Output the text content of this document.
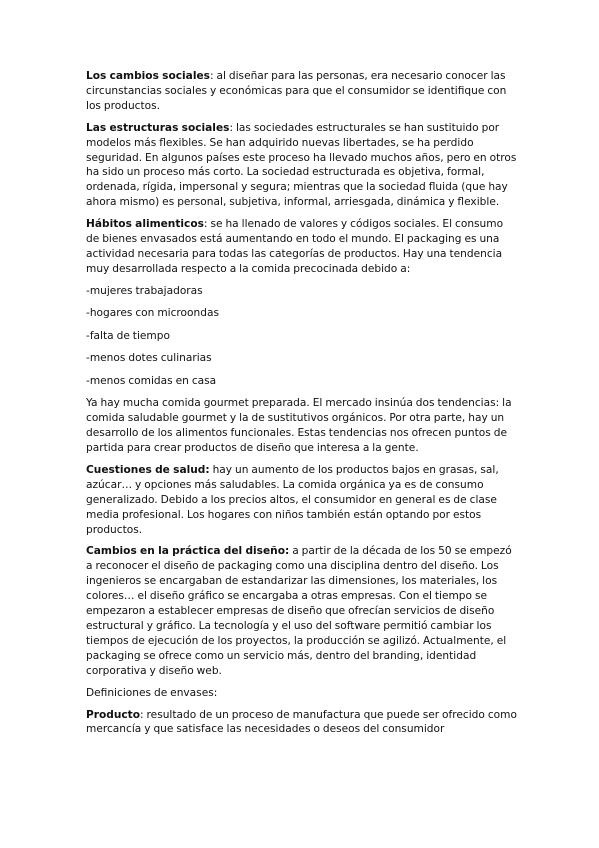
Los cambios sociales: al diseñar para las personas, era necesario conocer las circunstancias sociales y económicas para que el consumidor se identifique con los productos.

Las estructuras sociales: las sociedades estructurales se han sustituido por modelos más flexibles. Se han adquirido nuevas libertades, se ha perdido seguridad. En algunos países este proceso ha llevado muchos años, pero en otros ha sido un proceso más corto. La sociedad estructurada es objetiva, formal, ordenada, rígida, impersonal y segura; mientras que la sociedad fluida (que hay ahora mismo) es personal, subjetiva, informal, arriesgada, dinámica y flexible.

Hábitos alimenticos: se ha llenado de valores y códigos sociales. El consumo de bienes envasados está aumentando en todo el mundo. El packaging es una actividad necesaria para todas las categorías de productos. Hay una tendencia muy desarrollada respecto a la comida precocinada debido a:

-mujeres trabajadoras

-hogares con microondas

-falta de tiempo

-menos dotes culinarias

-menos comidas en casa

Ya hay mucha comida gourmet preparada. El mercado insinúa dos tendencias: la comida saludable gourmet y la de sustitutivos orgánicos. Por otra parte, hay un desarrollo de los alimentos funcionales. Estas tendencias nos ofrecen puntos de partida para crear productos de diseño que interesa a la gente.

Cuestiones de salud: hay un aumento de los productos bajos en grasas, sal, azúcar… y opciones más saludables. La comida orgánica ya es de consumo generalizado. Debido a los precios altos, el consumidor en general es de clase media profesional. Los hogares con niños también están optando por estos productos.

Cambios en la práctica del diseño: a partir de la década de los 50 se empezó a reconocer el diseño de packaging como una disciplina dentro del diseño. Los ingenieros se encargaban de estandarizar las dimensiones, los materiales, los colores… el diseño gráfico se encargaba a otras empresas. Con el tiempo se empezaron a establecer empresas de diseño que ofrecían servicios de diseño estructural y gráfico. La tecnología y el uso del software permitió cambiar los tiempos de ejecución de los proyectos, la producción se agilizó. Actualmente, el packaging se ofrece como un servicio más, dentro del branding, identidad corporativa y diseño web.

Definiciones de envases:

Producto: resultado de un proceso de manufactura que puede ser ofrecido como mercancía y que satisface las necesidades o deseos del consumidor
